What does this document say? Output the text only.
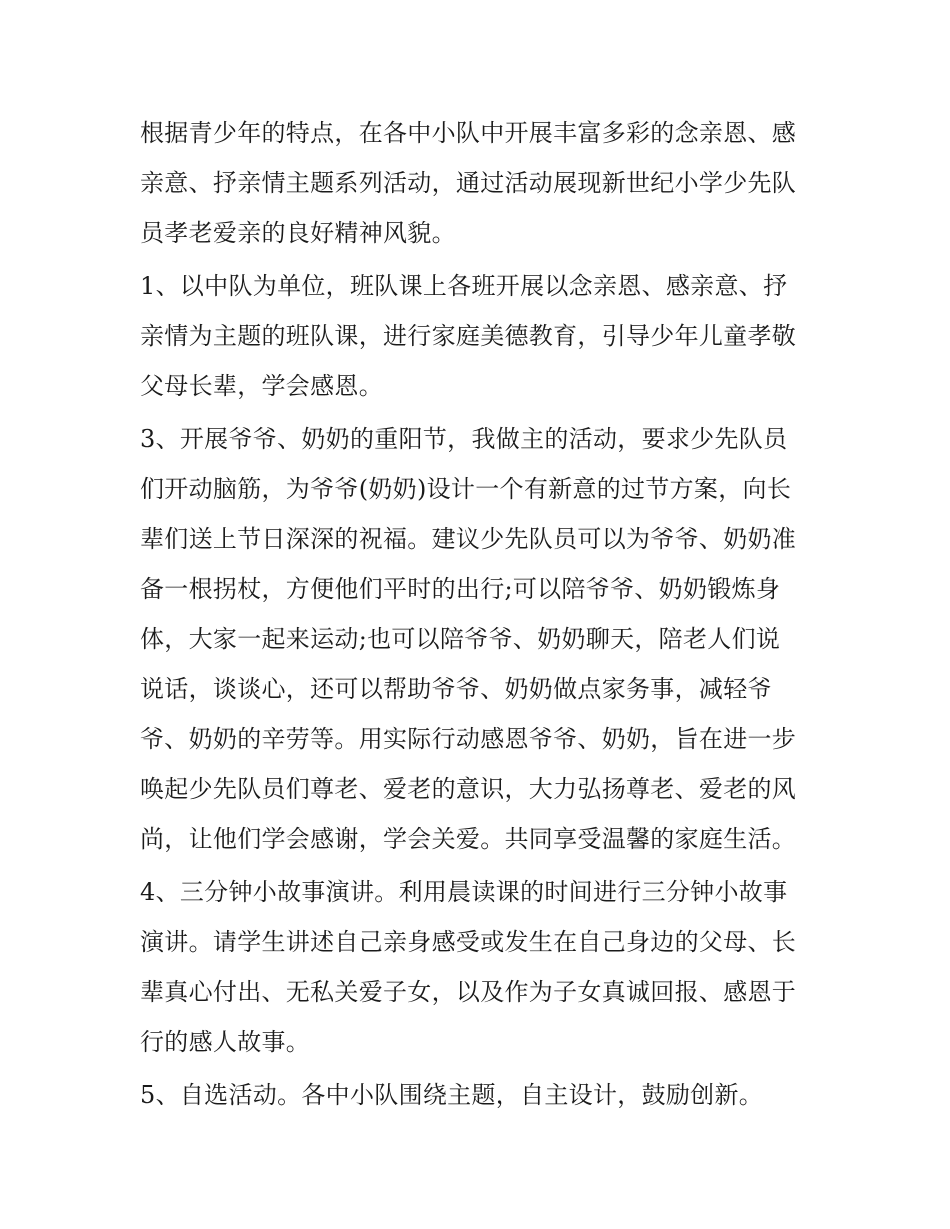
根据青少年的特点，在各中小队中开展丰富多彩的念亲恩、感
亲意、抒亲情主题系列活动，通过活动展现新世纪小学少先队
员孝老爱亲的良好精神风貌。
1、以中队为单位，班队课上各班开展以念亲恩、感亲意、抒
亲情为主题的班队课，进行家庭美德教育，引导少年儿童孝敬
父母长辈，学会感恩。
3、开展爷爷、奶奶的重阳节，我做主的活动，要求少先队员
们开动脑筋，为爷爷(奶奶)设计一个有新意的过节方案，向长
辈们送上节日深深的祝福。建议少先队员可以为爷爷、奶奶准
备一根拐杖，方便他们平时的出行;可以陪爷爷、奶奶锻炼身
体，大家一起来运动;也可以陪爷爷、奶奶聊天，陪老人们说
说话，谈谈心，还可以帮助爷爷、奶奶做点家务事，减轻爷
爷、奶奶的辛劳等。用实际行动感恩爷爷、奶奶，旨在进一步
唤起少先队员们尊老、爱老的意识，大力弘扬尊老、爱老的风
尚，让他们学会感谢，学会关爱。共同享受温馨的家庭生活。
4、三分钟小故事演讲。利用晨读课的时间进行三分钟小故事
演讲。请学生讲述自己亲身感受或发生在自己身边的父母、长
辈真心付出、无私关爱子女，以及作为子女真诚回报、感恩于
行的感人故事。
5、自选活动。各中小队围绕主题，自主设计，鼓励创新。
